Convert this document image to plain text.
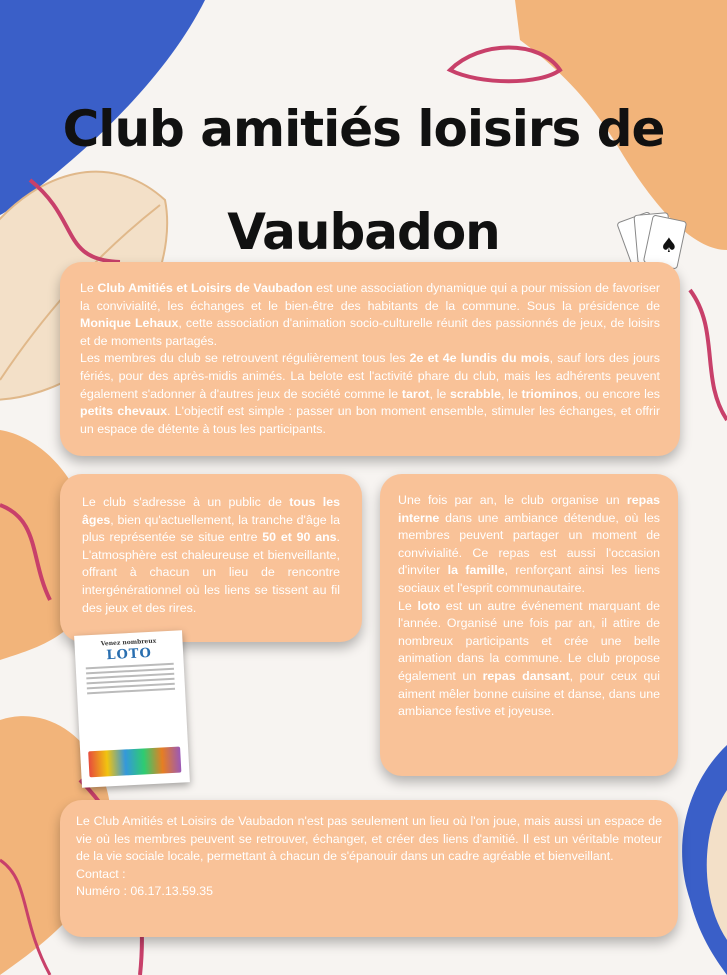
♠
Club amitiés loisirs de Vaubadon

Le Club Amitiés et Loisirs de Vaubadon est une association dynamique qui a pour mission de favoriser la convivialité, les échanges et le bien-être des habitants de la commune. Sous la présidence de Monique Lehaux, cette association d'animation socio-culturelle réunit des passionnés de jeux, de loisirs et de moments partagés.

Les membres du club se retrouvent régulièrement tous les 2e et 4e lundis du mois, sauf lors des jours fériés, pour des après-midis animés. La belote est l'activité phare du club, mais les adhérents peuvent également s'adonner à d'autres jeux de société comme le tarot, le scrabble, le triominos, ou encore les petits chevaux. L'objectif est simple : passer un bon moment ensemble, stimuler les échanges, et offrir un espace de détente à tous les participants.

Le club s'adresse à un public de tous les âges, bien qu'actuellement, la tranche d'âge la plus représentée se situe entre 50 et 90 ans. L'atmosphère est chaleureuse et bienveillante, offrant à chacun un lieu de rencontre intergénérationnel où les liens se tissent au fil des jeux et des rires.

Une fois par an, le club organise un repas interne dans une ambiance détendue, où les membres peuvent partager un moment de convivialité. Ce repas est aussi l'occasion d'inviter la famille, renforçant ainsi les liens sociaux et l'esprit communautaire.

Le loto est un autre événement marquant de l'année. Organisé une fois par an, il attire de nombreux participants et crée une belle animation dans la commune. Le club propose également un repas dansant, pour ceux qui aiment mêler bonne cuisine et danse, dans une ambiance festive et joyeuse.

Venez nombreux
LOTO

Le Club Amitiés et Loisirs de Vaubadon n'est pas seulement un lieu où l'on joue, mais aussi un espace de vie où les membres peuvent se retrouver, échanger, et créer des liens d'amitié. Il est un véritable moteur de la vie sociale locale, permettant à chacun de s'épanouir dans un cadre agréable et bienveillant.

Contact :
Numéro : 06.17.13.59.35
